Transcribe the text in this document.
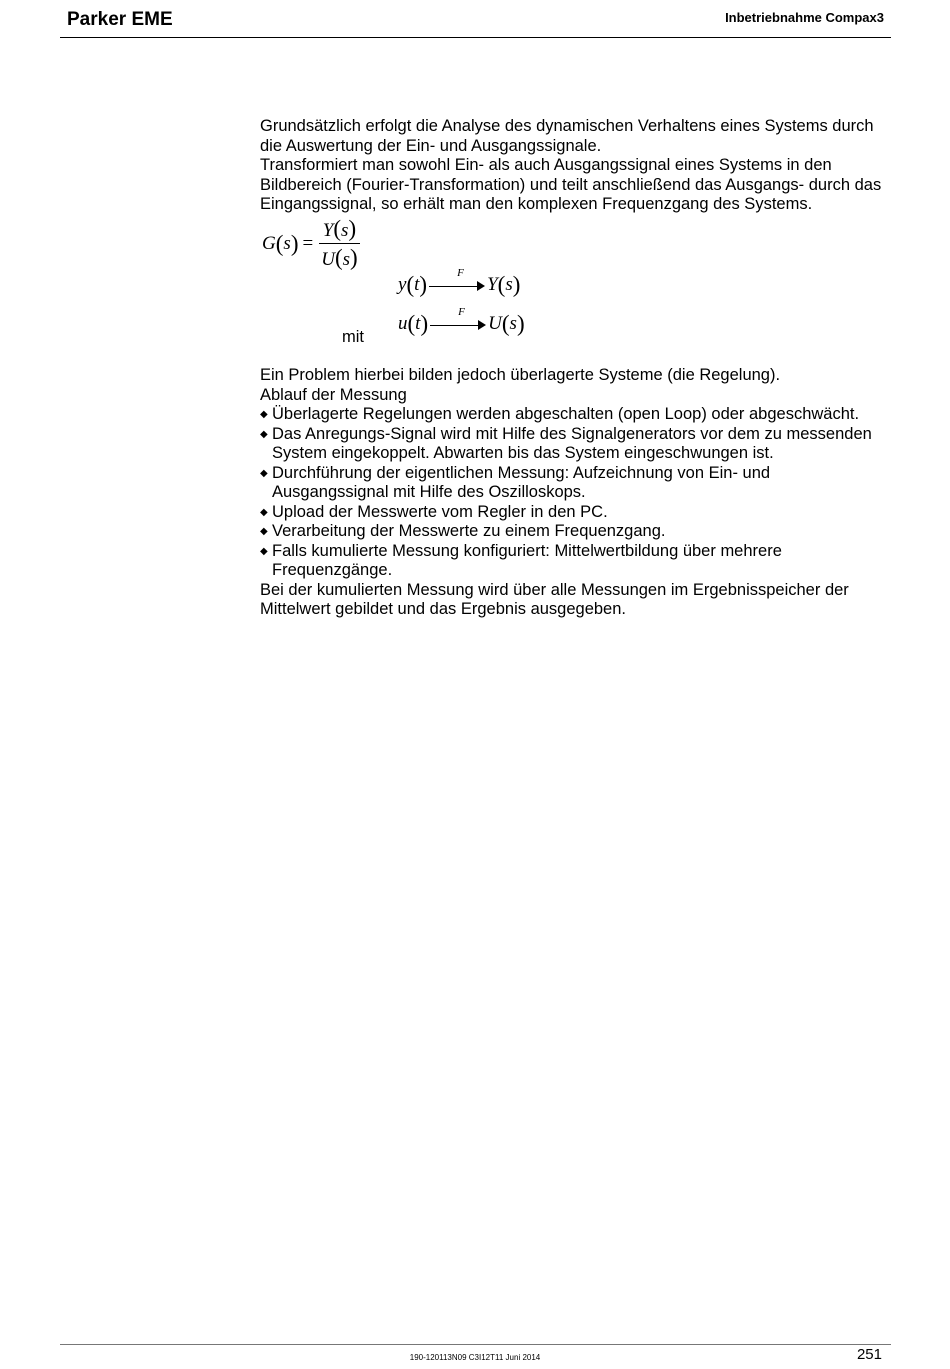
Parker EME	Inbetriebnahme Compax3

Grundsätzlich erfolgt die Analyse des dynamischen Verhaltens eines Systems durch die Auswertung der Ein- und Ausgangssignale.

Transformiert man sowohl Ein- als auch Ausgangssignal eines Systems in den Bildbereich (Fourier-Transformation) und teilt anschließend das Ausgangs- durch das Eingangssignal, so erhält man den komplexen Frequenzgang des Systems.

G ( s ) = $\frac{Y(s)}{U(s)}$
y ( t )	F
Y ( s )
mit
u ( t )	F
U ( s )

Ein Problem hierbei bilden jedoch überlagerte Systeme (die Regelung).

Ablauf der Messung

◆ Überlagerte Regelungen werden abgeschalten (open Loop) oder abgeschwächt.
◆ Das Anregungs-Signal wird mit Hilfe des Signalgenerators vor dem zu messenden System eingekoppelt. Abwarten bis das System eingeschwungen ist.
◆ Durchführung der eigentlichen Messung: Aufzeichnung von Ein- und Ausgangssignal mit Hilfe des Oszilloskops.
◆ Upload der Messwerte vom Regler in den PC.
◆ Verarbeitung der Messwerte zu einem Frequenzgang.
◆ Falls kumulierte Messung konfiguriert: Mittelwertbildung über mehrere Frequenzgänge.

Bei der kumulierten Messung wird über alle Messungen im Ergebnisspeicher der Mittelwert gebildet und das Ergebnis ausgegeben.

190-120113N09 C3I12T11 Juni 2014	251
